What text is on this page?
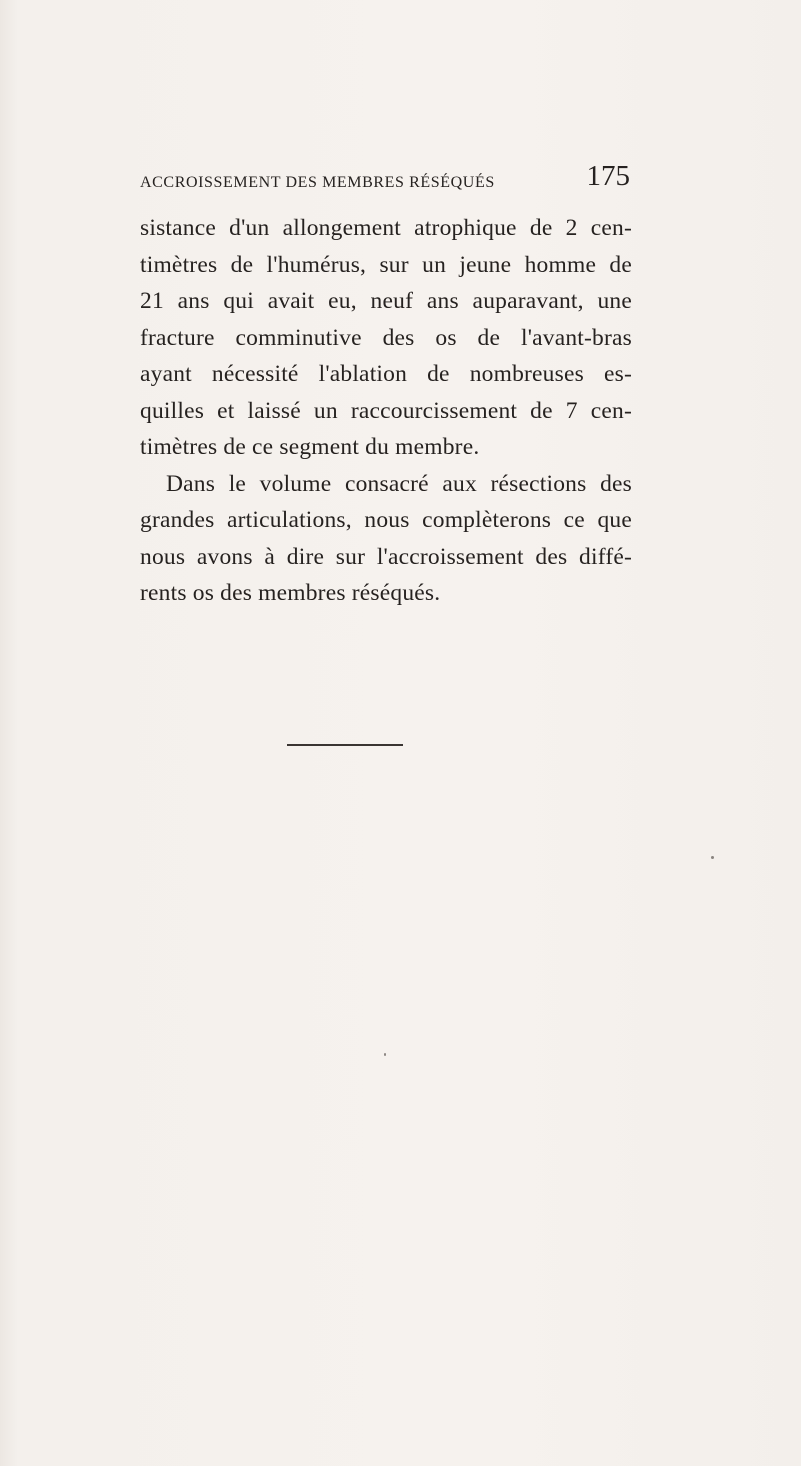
ACCROISSEMENT DES MEMBRES RÉSÉQUÉS	175
sistance d'un allongement atrophique de 2 cen-
timètres de l'humérus, sur un jeune homme de
21 ans qui avait eu, neuf ans auparavant, une
fracture comminutive des os de l'avant-bras
ayant nécessité l'ablation de nombreuses es-
quilles et laissé un raccourcissement de 7 cen-
timètres de ce segment du membre.
Dans le volume consacré aux résections des
grandes articulations, nous complèterons ce que
nous avons à dire sur l'accroissement des diffé-
rents os des membres réséqués.
